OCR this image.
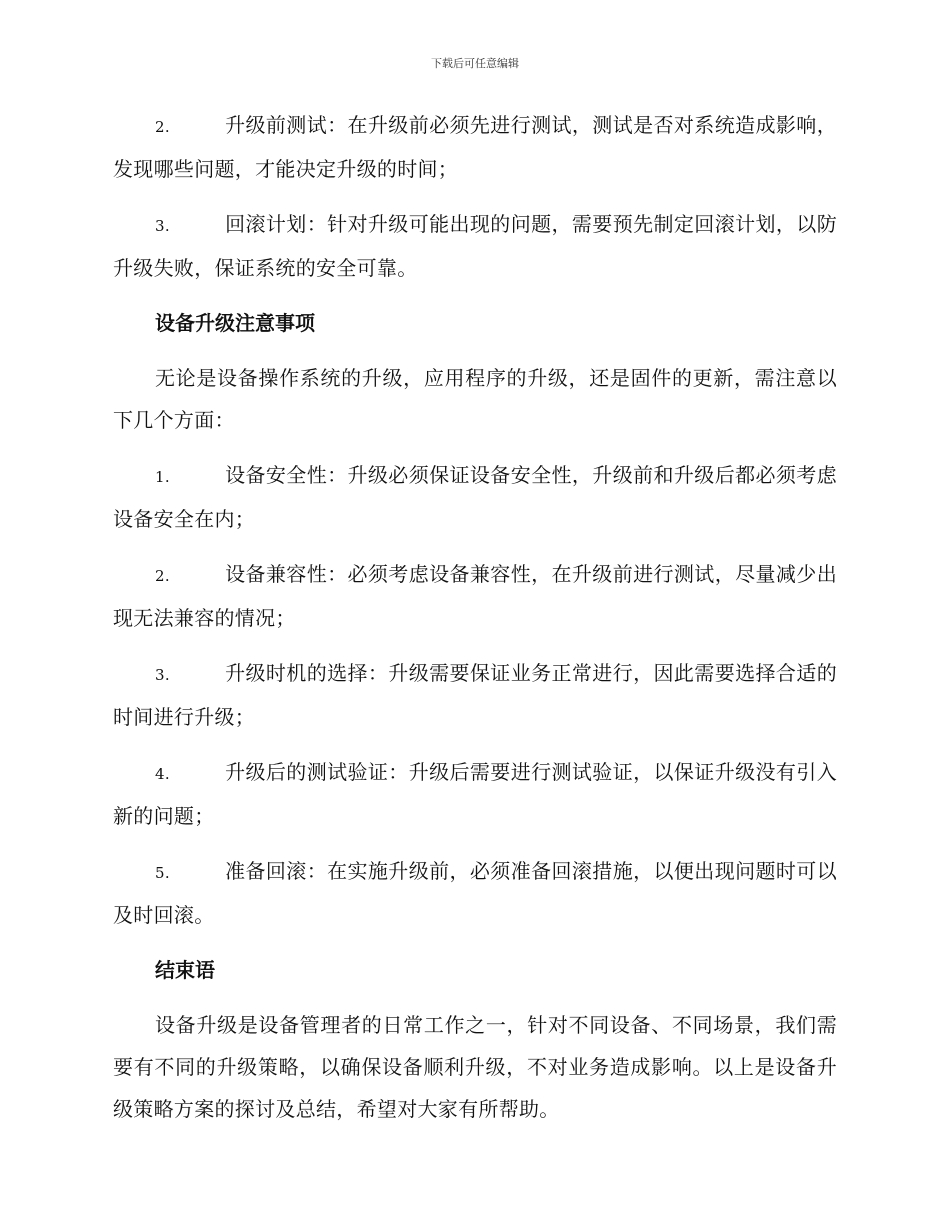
下载后可任意编辑

2.	升级前测试：在升级前必须先进行测试，测试是否对系统造成影响，发现哪些问题，才能决定升级的时间；

3.	回滚计划：针对升级可能出现的问题，需要预先制定回滚计划，以防升级失败，保证系统的安全可靠。

设备升级注意事项

无论是设备操作系统的升级，应用程序的升级，还是固件的更新，需注意以下几个方面：

1.	设备安全性：升级必须保证设备安全性，升级前和升级后都必须考虑设备安全在内；

2.	设备兼容性：必须考虑设备兼容性，在升级前进行测试，尽量减少出现无法兼容的情况；

3.	升级时机的选择：升级需要保证业务正常进行，因此需要选择合适的时间进行升级；

4.	升级后的测试验证：升级后需要进行测试验证，以保证升级没有引入新的问题；

5.	准备回滚：在实施升级前，必须准备回滚措施，以便出现问题时可以及时回滚。

结束语

设备升级是设备管理者的日常工作之一，针对不同设备、不同场景，我们需要有不同的升级策略，以确保设备顺利升级，不对业务造成影响。以上是设备升级策略方案的探讨及总结，希望对大家有所帮助。
